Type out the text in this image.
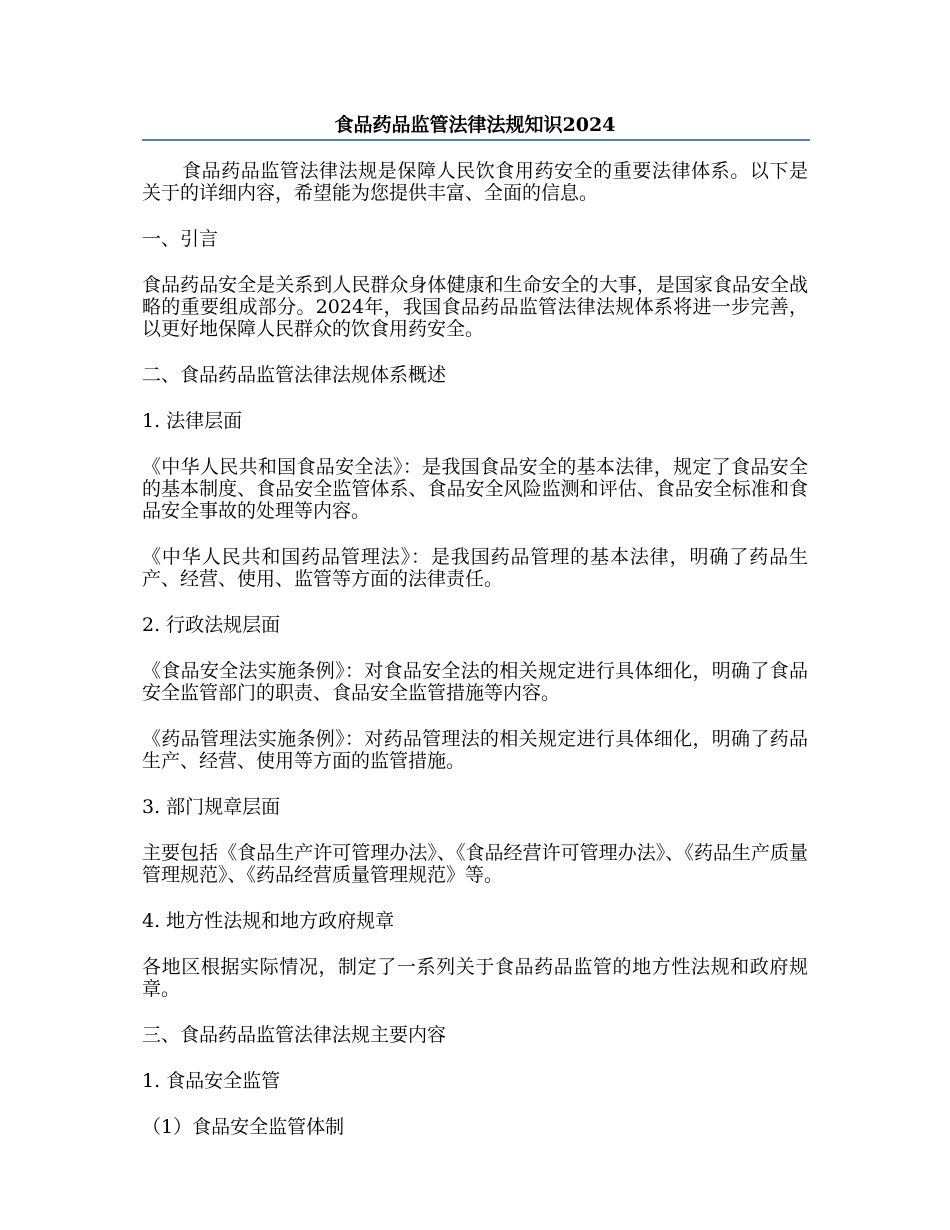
食品药品监管法律法规知识2024

食品药品监管法律法规是保障人民饮食用药安全的重要法律体系。以下是关于的详细内容，希望能为您提供丰富、全面的信息。

一、引言

食品药品安全是关系到人民群众身体健康和生命安全的大事，是国家食品安全战略的重要组成部分。2024年，我国食品药品监管法律法规体系将进一步完善，以更好地保障人民群众的饮食用药安全。

二、食品药品监管法律法规体系概述

1. 法律层面

《中华人民共和国食品安全法》：是我国食品安全的基本法律，规定了食品安全的基本制度、食品安全监管体系、食品安全风险监测和评估、食品安全标准和食品安全事故的处理等内容。

《中华人民共和国药品管理法》：是我国药品管理的基本法律，明确了药品生产、经营、使用、监管等方面的法律责任。

2. 行政法规层面

《食品安全法实施条例》：对食品安全法的相关规定进行具体细化，明确了食品安全监管部门的职责、食品安全监管措施等内容。

《药品管理法实施条例》：对药品管理法的相关规定进行具体细化，明确了药品生产、经营、使用等方面的监管措施。

3. 部门规章层面

主要包括《食品生产许可管理办法》、《食品经营许可管理办法》、《药品生产质量管理规范》、《药品经营质量管理规范》等。

4. 地方性法规和地方政府规章

各地区根据实际情况，制定了一系列关于食品药品监管的地方性法规和政府规章。

三、食品药品监管法律法规主要内容

1. 食品安全监管

（1）食品安全监管体制
